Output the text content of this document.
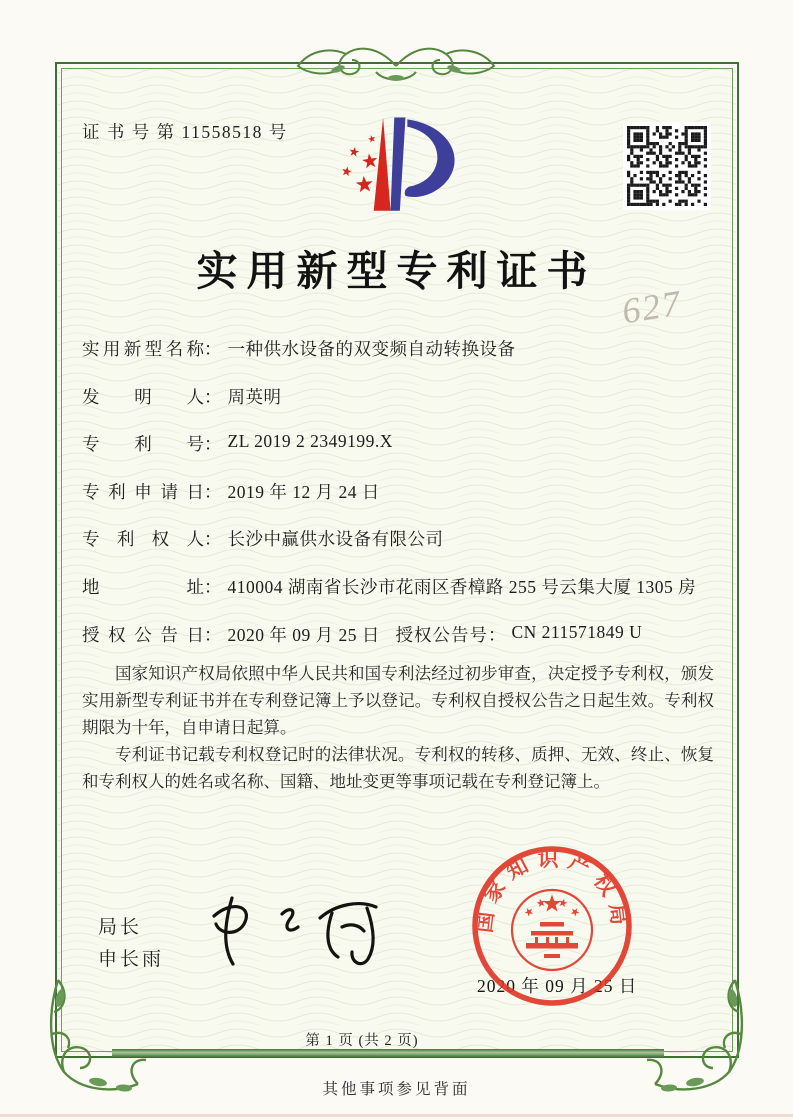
证 书 号 第 11558518 号
实用新型专利证书
627
实用新型名称： 一种供水设备的双变频自动转换设备
发明人： 周英明
专利号： ZL 2019 2 2349199.X
专利申请日： 2019 年 12 月 24 日
专利权人： 长沙中赢供水设备有限公司
地址： 410004 湖南省长沙市花雨区香樟路 255 号云集大厦 1305 房
授权公告日： 2020 年 09 月 25 日 授权公告号： CN 211571849 U

国家知识产权局依照中华人民共和国专利法经过初步审查，决定授予专利权，颁发实用新型专利证书并在专利登记簿上予以登记。专利权自授权公告之日起生效。专利权期限为十年，自申请日起算。

专利证书记载专利权登记时的法律状况。专利权的转移、质押、无效、终止、恢复和专利权人的姓名或名称、国籍、地址变更等事项记载在专利登记簿上。

局长
申长雨
2020 年 09 月 25 日
国家知识产权局
第 1 页 (共 2 页)
其他事项参见背面
